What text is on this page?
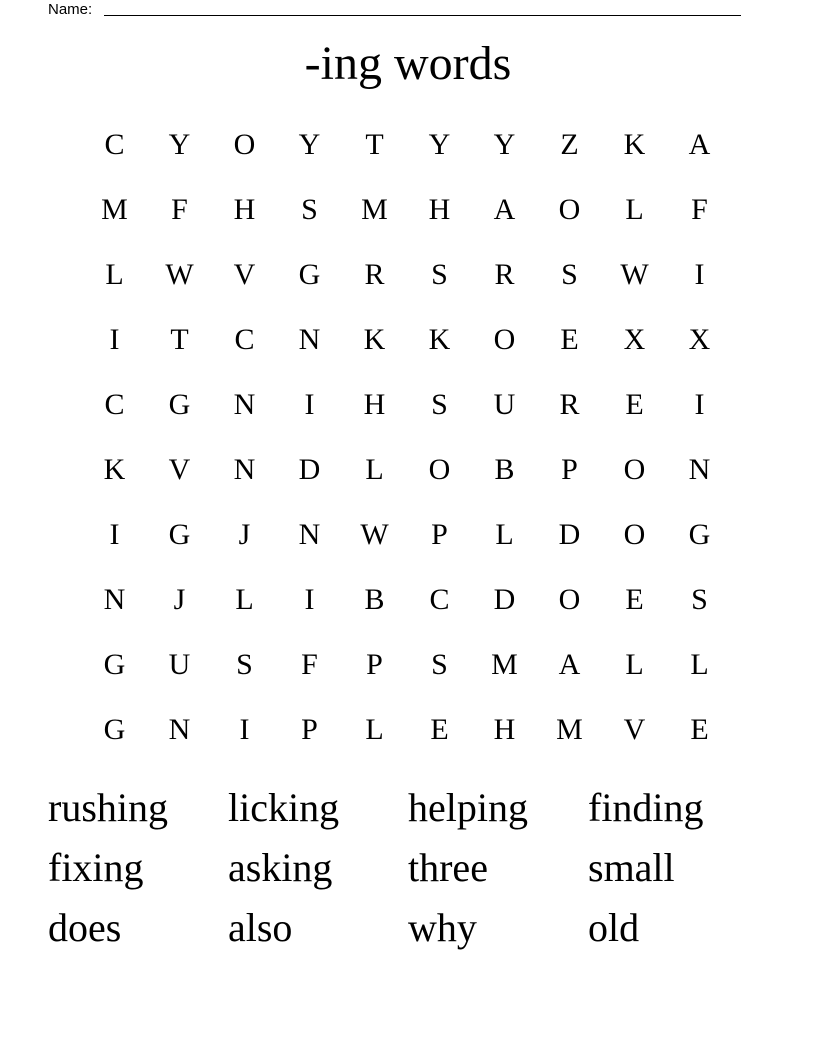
Name:
-ing words
C	Y	O	Y	T	Y	Y	Z	K	A
M	F	H	S	M	H	A	O	L	F
L	W	V	G	R	S	R	S	W	I
I	T	C	N	K	K	O	E	X	X
C	G	N	I	H	S	U	R	E	I
K	V	N	D	L	O	B	P	O	N
I	G	J	N	W	P	L	D	O	G
N	J	L	I	B	C	D	O	E	S
G	U	S	F	P	S	M	A	L	L
G	N	I	P	L	E	H	M	V	E
rushing	licking	helping	finding
fixing	asking	three	small
does	also	why	old
